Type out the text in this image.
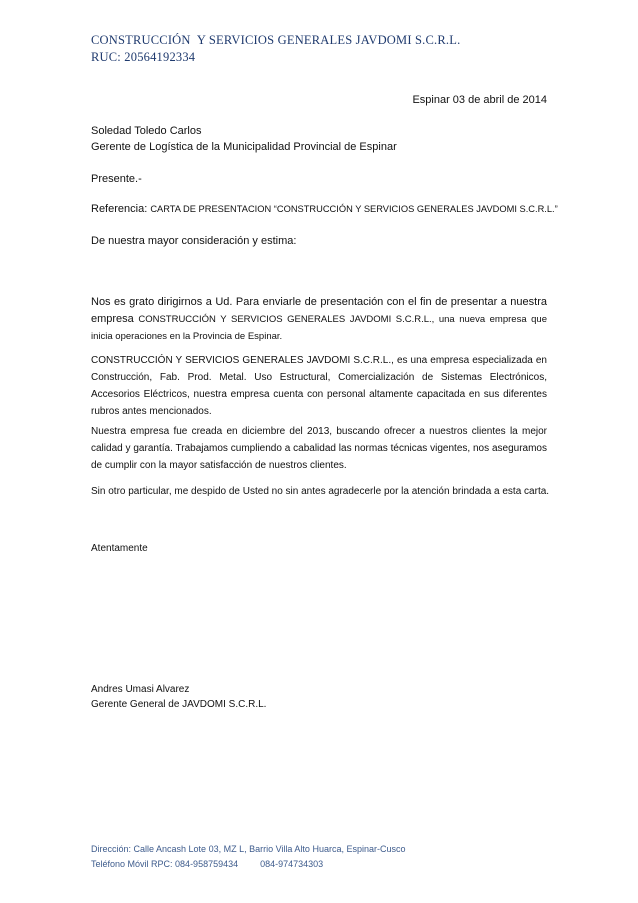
CONSTRUCCIÓN  Y SERVICIOS GENERALES JAVDOMI S.C.R.L.
RUC: 20564192334
Espinar 03 de abril de 2014
Soledad Toledo Carlos
Gerente de Logística de la Municipalidad Provincial de Espinar
Presente.-
Referencia: CARTA DE PRESENTACION “CONSTRUCCIÓN Y SERVICIOS GENERALES JAVDOMI S.C.R.L.”
De nuestra mayor consideración y estima:
Nos es grato dirigirnos a Ud. Para enviarle de presentación con el fin de presentar a nuestra empresa CONSTRUCCIÓN Y SERVICIOS GENERALES JAVDOMI S.C.R.L., una nueva empresa que inicia operaciones en la Provincia de Espinar.
CONSTRUCCIÓN Y SERVICIOS GENERALES JAVDOMI S.C.R.L., es una empresa especializada en Construcción, Fab. Prod. Metal. Uso Estructural, Comercialización de Sistemas Electrónicos, Accesorios Eléctricos, nuestra empresa cuenta con personal altamente capacitada en sus diferentes rubros antes mencionados.
Nuestra empresa fue creada en diciembre del 2013, buscando ofrecer a nuestros clientes la mejor calidad y garantía. Trabajamos cumpliendo a cabalidad las normas técnicas vigentes, nos aseguramos de cumplir con la mayor satisfacción de nuestros clientes.
Sin otro particular, me despido de Usted no sin antes agradecerle por la atención brindada a esta carta.
Atentamente
Andres Umasi Alvarez
Gerente General de JAVDOMI S.C.R.L.
Dirección: Calle Ancash Lote 03, MZ L, Barrio Villa Alto Huarca, Espinar-Cusco
Teléfono Móvil RPC: 084-958759434 084-974734303
